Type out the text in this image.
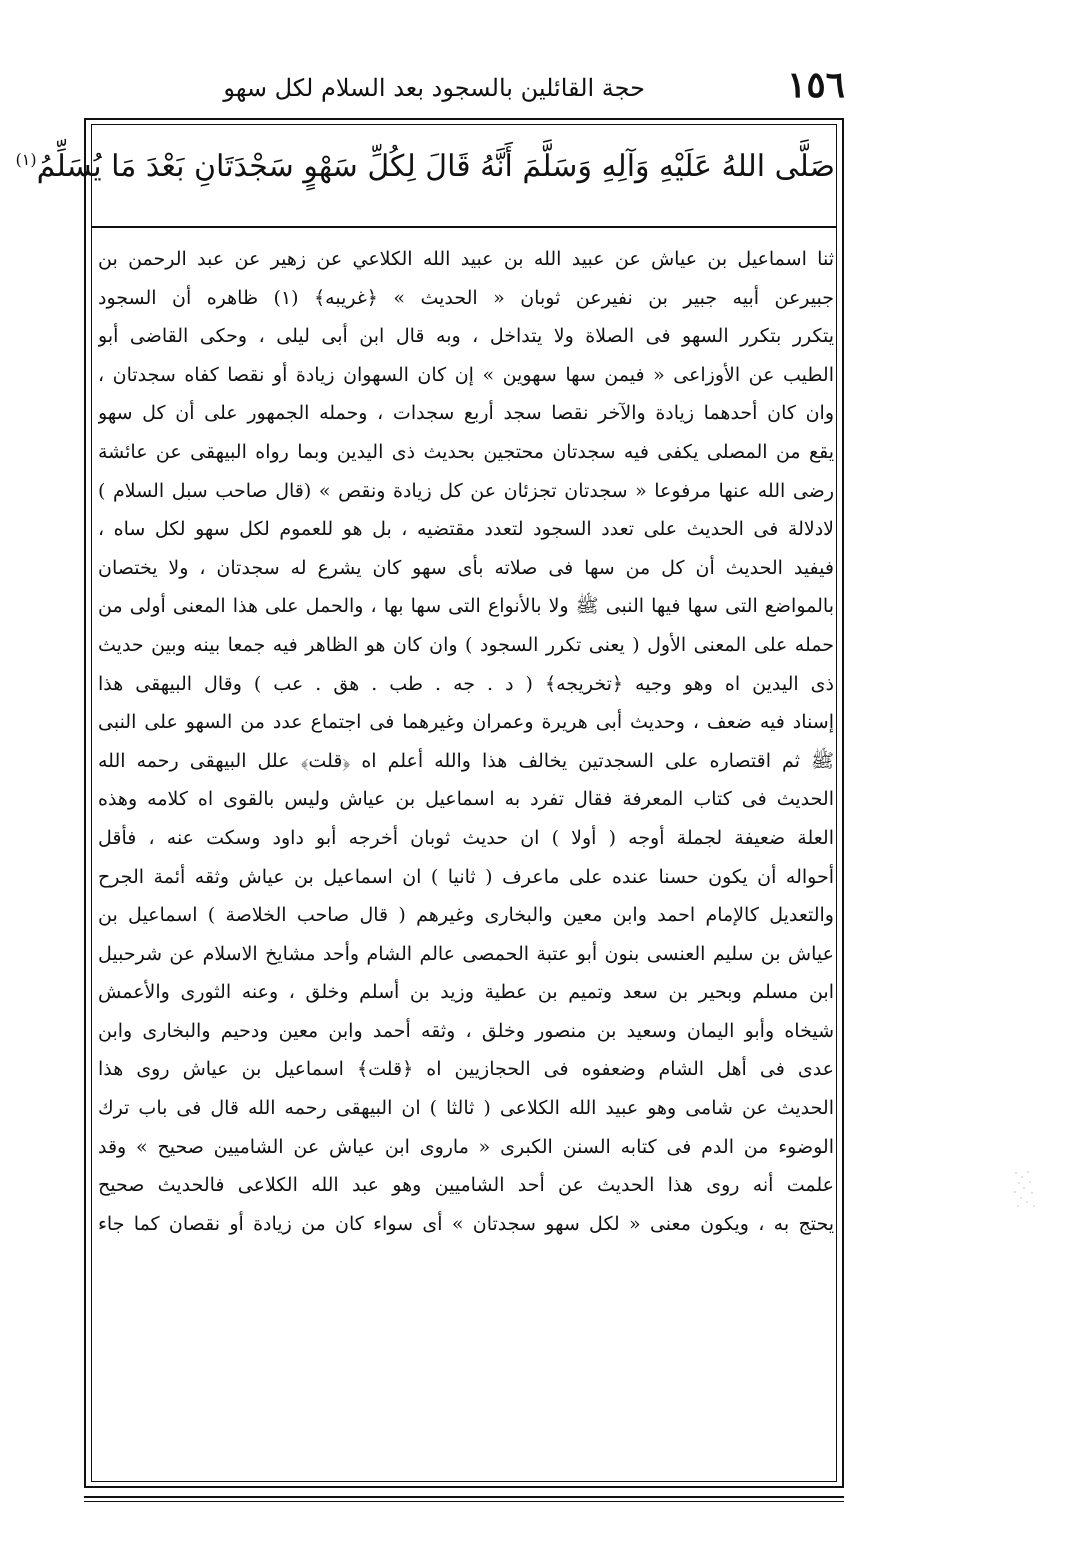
١٥٦
حجة القائلين بالسجود بعد السلام لكل سهو
صَلَّى اللهُ عَلَيْهِ وَآلِهِ وَسَلَّمَ أَنَّهُ قَالَ لِكُلِّ سَهْوٍ سَجْدَتَانِ بَعْدَ مَا يُسَلِّمُ$^{(١)}$
ثنا اسماعيل بن عياش عن عبيد الله بن عبيد الله الكلاعي عن زهير عن عبد الرحمن بن
جبيرعن أبيه جبير بن نفيرعن ثوبان « الحديث » ﴿غريبه﴾ (١) ظاهره أن السجود
يتكرر بتكرر السهو فى الصلاة ولا يتداخل ، وبه قال ابن أبى ليلى ، وحكى القاضى أبو
الطيب عن الأوزاعى « فيمن سها سهوين » إن كان السهوان زيادة أو نقصا كفاه سجدتان ،
وان كان أحدهما زيادة والآخر نقصا سجد أربع سجدات ، وحمله الجمهور على أن كل سهو
يقع من المصلى يكفى فيه سجدتان محتجين بحديث ذى اليدين وبما رواه البيهقى عن عائشة
رضى الله عنها مرفوعا « سجدتان تجزئان عن كل زيادة ونقص » (قال صاحب سبل السلام )
لادلالة فى الحديث على تعدد السجود لتعدد مقتضيه ، بل هو للعموم لكل سهو لكل ساه ،
فيفيد الحديث أن كل من سها فى صلاته بأى سهو كان يشرع له سجدتان ، ولا يختصان
بالمواضع التى سها فيها النبى ﷺ ولا بالأنواع التى سها بها ، والحمل على هذا المعنى أولى من
حمله على المعنى الأول ( يعنى تكرر السجود ) وان كان هو الظاهر فيه جمعا بينه وبين حديث
ذى اليدين اه وهو وجيه ﴿تخريجه﴾ ( د . جه . طب . هق . عب ) وقال البيهقى هذا
إسناد فيه ضعف ، وحديث أبى هريرة وعمران وغيرهما فى اجتماع عدد من السهو على النبى
ﷺ ثم اقتصاره على السجدتين يخالف هذا والله أعلم اه ﴿قلت﴾ علل البيهقى رحمه الله
الحديث فى كتاب المعرفة فقال تفرد به اسماعيل بن عياش وليس بالقوى اه كلامه وهذه
العلة ضعيفة لجملة أوجه ( أولا ) ان حديث ثوبان أخرجه أبو داود وسكت عنه ، فأقل
أحواله أن يكون حسنا عنده على ماعرف ( ثانيا ) ان اسماعيل بن عياش وثقه أئمة الجرح
والتعديل كالإمام احمد وابن معين والبخارى وغيرهم ( قال صاحب الخلاصة ) اسماعيل بن
عياش بن سليم العنسى بنون أبو عتبة الحمصى عالم الشام وأحد مشايخ الاسلام عن شرحبيل
ابن مسلم وبحير بن سعد وتميم بن عطية وزيد بن أسلم وخلق ، وعنه الثورى والأعمش
شيخاه وأبو اليمان وسعيد بن منصور وخلق ، وثقه أحمد وابن معين ودحيم والبخارى وابن
عدى فى أهل الشام وضعفوه فى الحجازيين اه ﴿قلت﴾ اسماعيل بن عياش روى هذا
الحديث عن شامى وهو عبيد الله الكلاعى ( ثالثا ) ان البيهقى رحمه الله قال فى باب ترك
الوضوء من الدم فى كتابه السنن الكبرى « ماروى ابن عياش عن الشاميين صحيح » وقد
علمت أنه روى هذا الحديث عن أحد الشاميين وهو عبد الله الكلاعى فالحديث صحيح
يحتج به ، ويكون معنى « لكل سهو سجدتان » أى سواء كان من زيادة أو نقصان كما جاء
